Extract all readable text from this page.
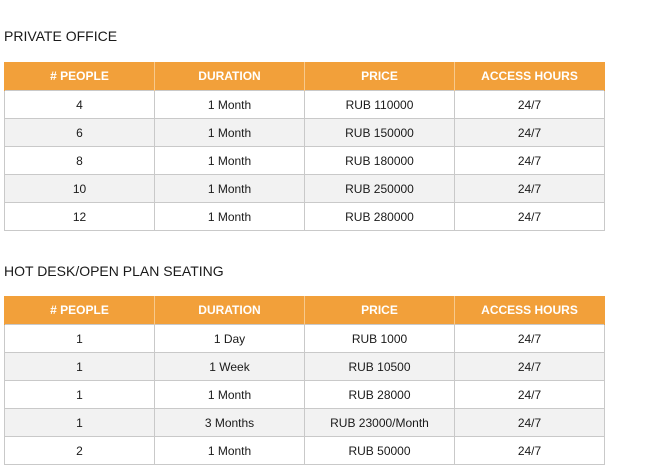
PRIVATE OFFICE
# PEOPLE	DURATION	PRICE	ACCESS HOURS
4	1 Month	RUB 110000	24/7
6	1 Month	RUB 150000	24/7
8	1 Month	RUB 180000	24/7
10	1 Month	RUB 250000	24/7
12	1 Month	RUB 280000	24/7
HOT DESK/OPEN PLAN SEATING
# PEOPLE	DURATION	PRICE	ACCESS HOURS
1	1 Day	RUB 1000	24/7
1	1 Week	RUB 10500	24/7
1	1 Month	RUB 28000	24/7
1	3 Months	RUB 23000/Month	24/7
2	1 Month	RUB 50000	24/7
